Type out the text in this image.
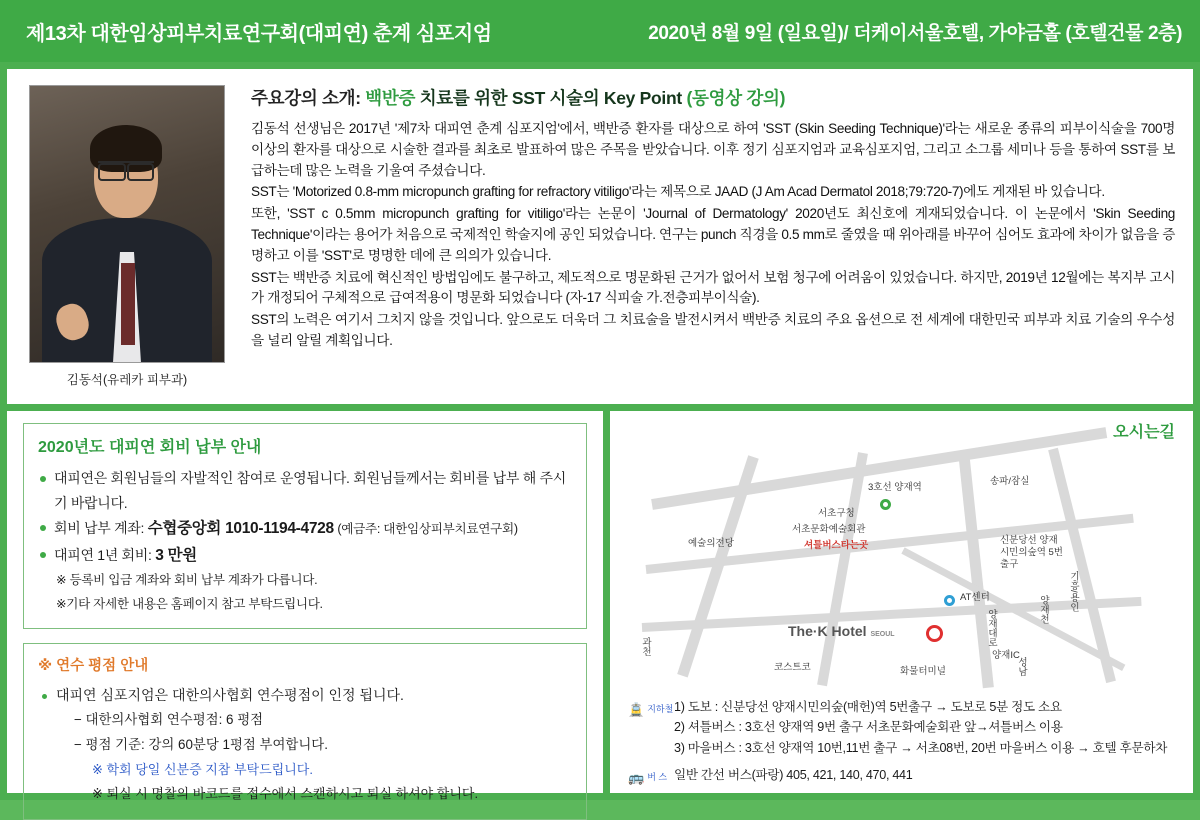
제13차 대한임상피부치료연구회(대피연) 춘계 심포지엄	2020년 8월 9일 (일요일)/ 더케이서울호텔, 가야금홀 (호텔건물 2층)
김동석(유레카 피부과)
주요강의 소개: 백반증 치료를 위한 SST 시술의 Key Point (동영상 강의)

김동석 선생님은 2017년 '제7차 대피연 춘계 심포지엄'에서, 백반증 환자를 대상으로 하여 'SST (Skin Seeding Technique)'라는 새로운 종류의 피부이식술을 700명 이상의 환자를 대상으로 시술한 결과를 최초로 발표하여 많은 주목을 받았습니다. 이후 정기 심포지엄과 교육심포지엄, 그리고 소그룹 세미나 등을 통하여 SST를 보급하는데 많은 노력을 기울여 주셨습니다.

SST는 'Motorized 0.8-mm micropunch grafting for refractory vitiligo'라는 제목으로 JAAD (J Am Acad Dermatol 2018;79:720-7)에도 게재된 바 있습니다.

또한, 'SST c 0.5mm micropunch grafting for vitiligo'라는 논문이 'Journal of Dermatology' 2020년도 최신호에 게재되었습니다. 이 논문에서 'Skin Seeding Technique'이라는 용어가 처음으로 국제적인 학술지에 공인 되었습니다. 연구는 punch 직경을 0.5 mm로 줄였을 때 위아래를 바꾸어 심어도 효과에 차이가 없음을 증명하고 이를 'SST'로 명명한 데에 큰 의의가 있습니다.

SST는 백반증 치료에 혁신적인 방법임에도 불구하고, 제도적으로 명문화된 근거가 없어서 보험 청구에 어려움이 있었습니다. 하지만, 2019년 12월에는 복지부 고시가 개정되어 구체적으로 급여적용이 명문화 되었습니다 (자-17 식피술 가.전층피부이식술).

SST의 노력은 여기서 그치지 않을 것입니다. 앞으로도 더욱더 그 치료술을 발전시켜서 백반증 치료의 주요 옵션으로 전 세계에 대한민국 피부과 치료 기술의 우수성을 널리 알릴 계획입니다.

2020년도 대피연 회비 납부 안내
대피연은 회원님들의 자발적인 참여로 운영됩니다. 회원님들께서는 회비를 납부 해 주시기 바랍니다.
회비 납부 계좌: 수협중앙회 1010-1194-4728 (예금주: 대한임상피부치료연구회)
대피연 1년 회비: 3 만원
※ 등록비 입금 계좌와 회비 납부 계좌가 다릅니다.
※기타 자세한 내용은 홈페이지 참고 부탁드립니다.
※ 연수 평점 안내
대피연 심포지엄은 대한의사협회 연수평점이 인정 됩니다.
− 대한의사협회 연수평점: 6 평점
− 평점 기준: 강의 60분당 1평점 부여합니다.
※ 학회 당일 신분증 지참 부탁드립니다.
※ 퇴실 시 명찰의 바코드를 접수에서 스캔하시고 퇴실 하셔야 합니다.
오시는길
3호선 양재역
송파/잠실
서초구청
서초문화예술회관
셔틀버스타는곳
예술의전당	신분당선 양재시민의숲역 5번 출구
AT센터
양재대로
양재IC
코스트코	화물터미널
과천
성남
기흥/용인
양재천
The·K Hotel SEOUL
🚊 지하철 1) 도보 : 신분당선 양재시민의숲(매헌)역 5번출구 → 도보로 5분 정도 소요
2) 셔틀버스 : 3호선 양재역 9번 출구 서초문화예술회관 앞→셔틀버스 이용
3) 마을버스 : 3호선 양재역 10번,11번 출구 → 서초08번, 20번 마을버스 이용 → 호텔 후문하차
🚌 버 스 일반 간선 버스(파랑) 405, 421, 140, 470, 441
